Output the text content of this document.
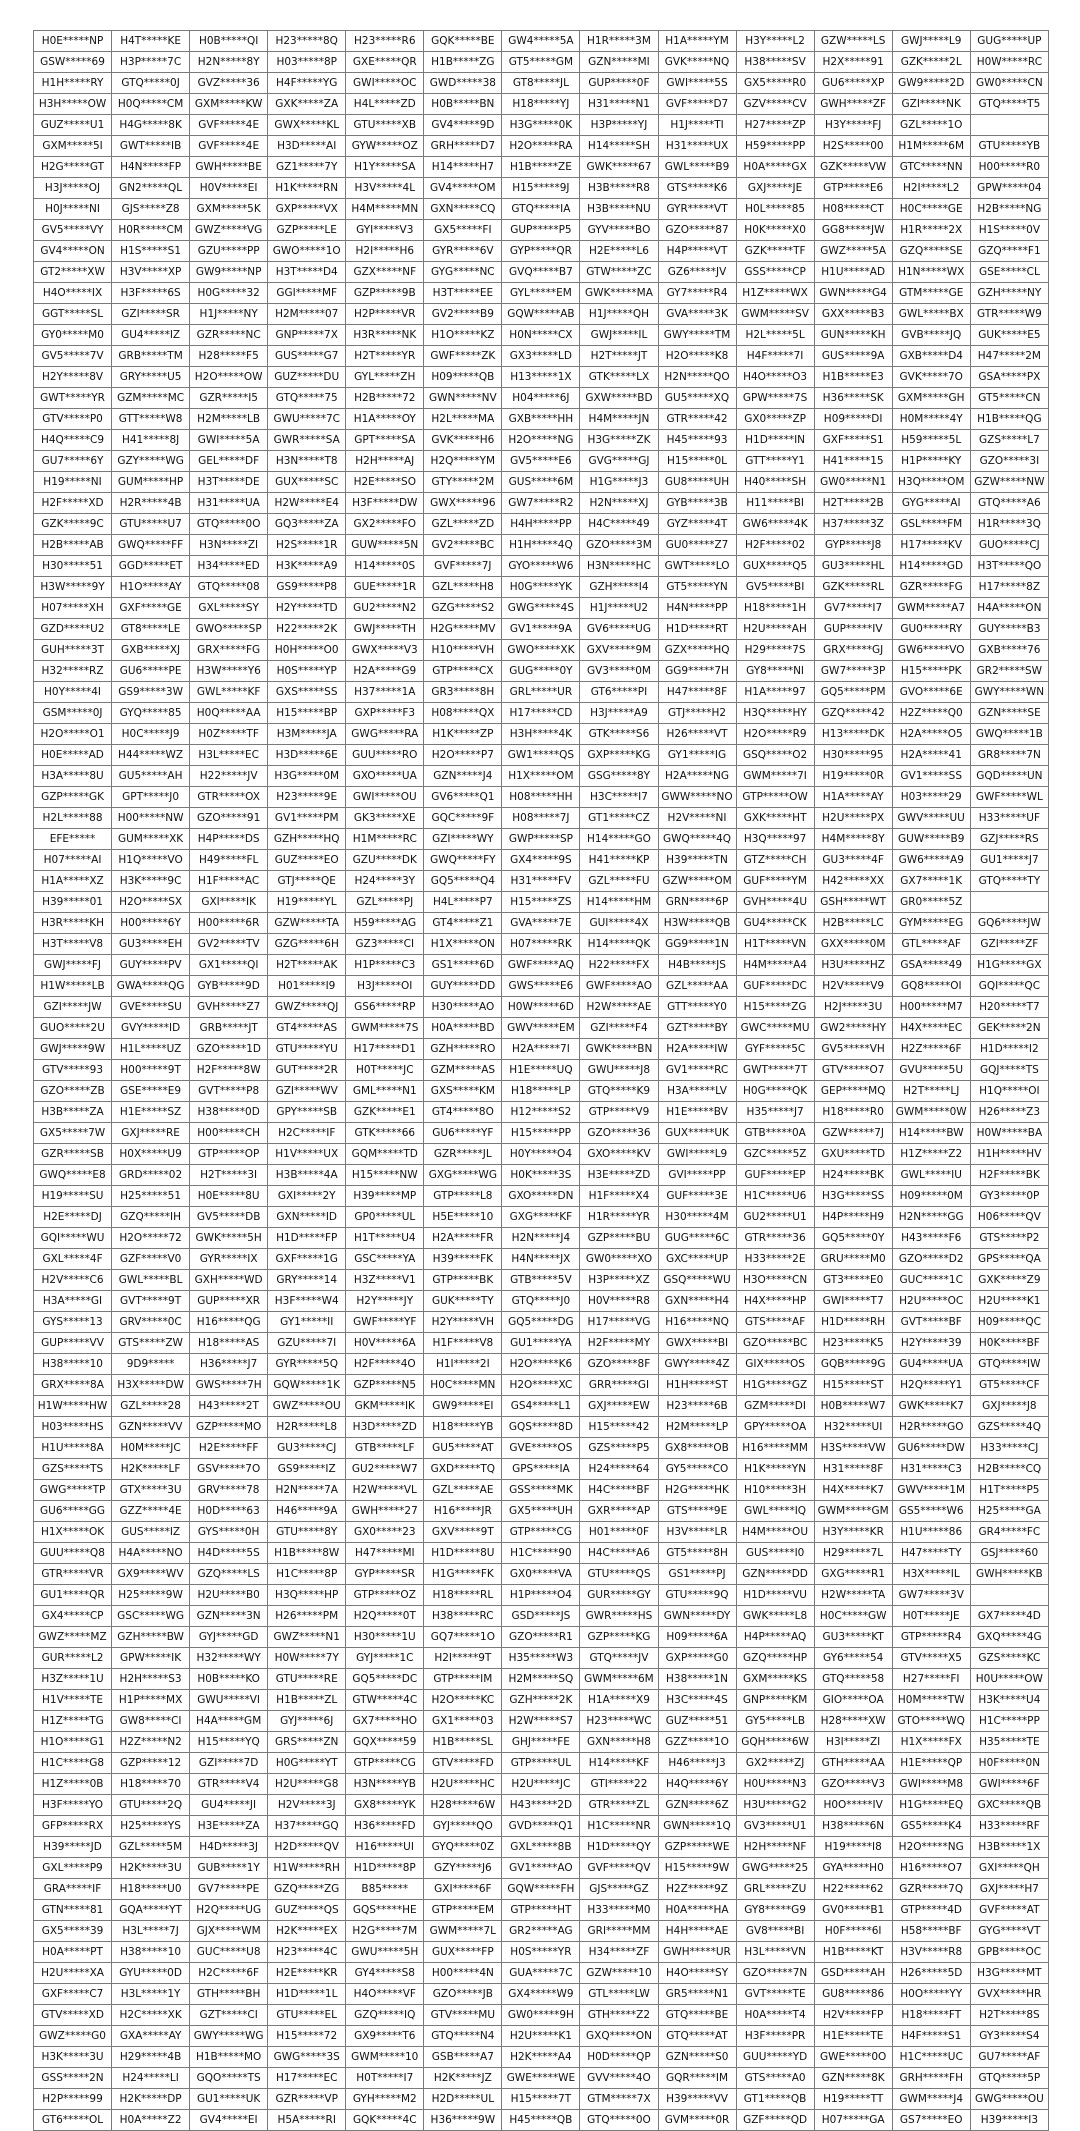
H0E*****NP	H4T*****KE	H0B*****QI	H23*****8Q	H23*****R6	GQK*****BE	GW4*****5A	H1R*****3M	H1A*****YM	H3Y*****L2	GZW*****LS	GWJ*****L9	GUG*****UP
GSW*****69	H3P*****7C	H2N*****8Y	H03*****8P	GXE*****QR	H1B*****ZG	GT5*****GM	GZN*****MI	GVK*****NQ	H38*****SV	H2X*****91	GZK*****2L	H0W*****RC
H1H*****RY	GTQ*****0J	GVZ*****36	H4F*****YG	GWI*****OC	GWD*****38	GT8*****JL	GUP*****0F	GWI*****5S	GX5*****R0	GU6*****XP	GW9*****2D	GW0*****CN
H3H*****OW	H0Q*****CM	GXM*****KW	GXK*****ZA	H4L*****ZD	H0B*****BN	H18*****YJ	H31*****N1	GVF*****D7	GZV*****CV	GWH*****ZF	GZI*****NK	GTQ*****T5
GUZ*****U1	H4G*****8K	GVF*****4E	GWX*****KL	GTU*****XB	GV4*****9D	H3G*****0K	H3P*****YJ	H1J*****TI	H27*****ZP	H3Y*****FJ	GZL*****1O	
GXM*****5I	GWT*****IB	GVF*****4E	H3D*****AI	GYW*****OZ	GRH*****D7	H2O*****RA	H14*****SH	H31*****UX	H59*****PP	H2S*****00	H1M*****6M	GTU*****YB
H2G*****GT	H4N*****FP	GWH*****BE	GZ1*****7Y	H1Y*****SA	H14*****H7	H1B*****ZE	GWK*****67	GWL*****B9	H0A*****GX	GZK*****VW	GTC*****NN	H00*****R0
H3J*****OJ	GN2*****QL	H0V*****EI	H1K*****RN	H3V*****4L	GV4*****OM	H15*****9J	H3B*****R8	GTS*****K6	GXJ*****JE	GTP*****E6	H2I*****L2	GPW*****04
H0J*****NI	GJS*****Z8	GXM*****5K	GXP*****VX	H4M*****MN	GXN*****CQ	GTQ*****IA	H3B*****NU	GYR*****VT	H0L*****85	H08*****CT	H0C*****GE	H2B*****NG
GV5*****VY	H0R*****CM	GWZ*****VG	GZP*****LE	GYI*****V3	GX5*****FI	GUP*****P5	GYV*****BO	GZO*****87	H0K*****X0	GG8*****JW	H1R*****2X	H1S*****0V
GV4*****ON	H1S*****S1	GZU*****PP	GWO*****1O	H2I*****H6	GYR*****6V	GYP*****QR	H2E*****L6	H4P*****VT	GZK*****TF	GWZ*****5A	GZQ*****SE	GZQ*****F1
GT2*****XW	H3V*****XP	GW9*****NP	H3T*****D4	GZX*****NF	GYG*****NC	GVQ*****B7	GTW*****ZC	GZ6*****JV	GSS*****CP	H1U*****AD	H1N*****WX	GSE*****CL
H4O*****IX	H3F*****6S	H0G*****32	GGI*****MF	GZP*****9B	H3T*****EE	GYL*****EM	GWK*****MA	GY7*****R4	H1Z*****WX	GWN*****G4	GTM*****GE	GZH*****NY
GGT*****SL	GZI*****SR	H1J*****NY	H2M*****07	H2P*****VR	GV2*****B9	GQW*****AB	H1J*****QH	GVA*****3K	GWM*****SV	GXX*****B3	GWL*****BX	GTR*****W9
GY0*****M0	GU4*****IZ	GZR*****NC	GNP*****7X	H3R*****NK	H1O*****KZ	H0N*****CX	GWJ*****IL	GWY*****TM	H2L*****5L	GUN*****KH	GVB*****JQ	GUK*****E5
GV5*****7V	GRB*****TM	H28*****F5	GUS*****G7	H2T*****YR	GWF*****ZK	GX3*****LD	H2T*****JT	H2O*****K8	H4F*****7I	GUS*****9A	GXB*****D4	H47*****2M
H2Y*****8V	GRY*****U5	H2O*****OW	GUZ*****DU	GYL*****ZH	H09*****QB	H13*****1X	GTK*****LX	H2N*****QO	H4O*****O3	H1B*****E3	GVK*****7O	GSA*****PX
GWT*****YR	GZM*****MC	GZR*****I5	GTQ*****75	H2B*****72	GWN*****NV	H04*****6J	GXW*****BD	GU5*****XQ	GPW*****7S	H36*****SK	GXM*****GH	GT5*****CN
GTV*****P0	GTT*****W8	H2M*****LB	GWU*****7C	H1A*****OY	H2L*****MA	GXB*****HH	H4M*****JN	GTR*****42	GX0*****ZP	H09*****DI	H0M*****4Y	H1B*****QG
H4Q*****C9	H41*****8J	GWI*****5A	GWR*****SA	GPT*****SA	GVK*****H6	H2O*****NG	H3G*****ZK	H45*****93	H1D*****IN	GXF*****S1	H59*****5L	GZS*****L7
GU7*****6Y	GZY*****WG	GEL*****DF	H3N*****T8	H2H*****AJ	H2Q*****YM	GV5*****E6	GVG*****GJ	H15*****0L	GTT*****Y1	H41*****15	H1P*****KY	GZO*****3I
H19*****NI	GUM*****HP	H3T*****DE	GUX*****SC	H2E*****SO	GTY*****2M	GUS*****6M	H1G*****J3	GU8*****UH	H40*****SH	GW0*****N1	H3Q*****OM	GZW*****NW
H2F*****XD	H2R*****4B	H31*****UA	H2W*****E4	H3F*****DW	GWX*****96	GW7*****R2	H2N*****XJ	GYB*****3B	H11*****BI	H2T*****2B	GYG*****AI	GTQ*****A6
GZK*****9C	GTU*****U7	GTQ*****0O	GQ3*****ZA	GX2*****FO	GZL*****ZD	H4H*****PP	H4C*****49	GYZ*****4T	GW6*****4K	H37*****3Z	GSL*****FM	H1R*****3Q
H2B*****AB	GWQ*****FF	H3N*****ZI	H2S*****1R	GUW*****5N	GV2*****BC	H1H*****4Q	GZO*****3M	GU0*****Z7	H2F*****02	GYP*****J8	H17*****KV	GUO*****CJ
H30*****51	GGD*****ET	H34*****ED	H3K*****A9	H14*****0S	GVF*****7J	GYO*****W6	H3N*****HC	GWT*****LO	GUX*****Q5	GU3*****HL	H14*****GD	H3T*****QO
H3W*****9Y	H1O*****AY	GTQ*****08	GS9*****P8	GUE*****1R	GZL*****H8	H0G*****YK	GZH*****I4	GT5*****YN	GV5*****BI	GZK*****RL	GZR*****FG	H17*****8Z
H07*****XH	GXF*****GE	GXL*****SY	H2Y*****TD	GU2*****N2	GZG*****S2	GWG*****4S	H1J*****U2	H4N*****PP	H18*****1H	GV7*****I7	GWM*****A7	H4A*****ON
GZD*****U2	GT8*****LE	GWO*****SP	H22*****2K	GWJ*****TH	H2G*****MV	GV1*****9A	GV6*****UG	H1D*****RT	H2U*****AH	GUP*****IV	GU0*****RY	GUY*****B3
GUH*****3T	GXB*****XJ	GRX*****FG	H0H*****O0	GWX*****V3	H10*****VH	GWO*****XK	GXV*****9M	GZX*****HQ	H29*****7S	GRX*****GJ	GW6*****VO	GXB*****76
H32*****RZ	GU6*****PE	H3W*****Y6	H0S*****YP	H2A*****G9	GTP*****CX	GUG*****0Y	GV3*****0M	GG9*****7H	GY8*****NI	GW7*****3P	H15*****PK	GR2*****SW
H0Y*****4I	GS9*****3W	GWL*****KF	GXS*****SS	H37*****1A	GR3*****8H	GRL*****UR	GT6*****PI	H47*****8F	H1A*****97	GQ5*****PM	GVO*****6E	GWY*****WN
GSM*****0J	GYQ*****85	H0Q*****AA	H15*****BP	GXP*****F3	H08*****QX	H17*****CD	H3J*****A9	GTJ*****H2	H3Q*****HY	GZQ*****42	H2Z*****Q0	GZN*****SE
H2O*****O1	H0C*****J9	H0Z*****TF	H3M*****JA	GWG*****RA	H1K*****ZP	H3H*****4K	GTK*****S6	H26*****VT	H2O*****R9	H13*****DK	H2A*****O5	GWQ*****1B
H0E*****AD	H44*****WZ	H3L*****EC	H3D*****6E	GUU*****RO	H2O*****P7	GW1*****QS	GXP*****KG	GY1*****IG	GSQ*****O2	H30*****95	H2A*****41	GR8*****7N
H3A*****8U	GU5*****AH	H22*****JV	H3G*****0M	GXO*****UA	GZN*****J4	H1X*****OM	GSG*****8Y	H2A*****NG	GWM*****7I	H19*****0R	GV1*****SS	GQD*****UN
GZP*****GK	GPT*****J0	GTR*****OX	H23*****9E	GWI*****OU	GV6*****Q1	H08*****HH	H3C*****I7	GWW*****NO	GTP*****OW	H1A*****AY	H03*****29	GWF*****WL
H2L*****88	H00*****NW	GZO*****91	GV1*****PM	GK3*****XE	GQC*****9F	H08*****7J	GT1*****CZ	H2V*****NI	GXK*****HT	H2U*****PX	GWV*****UU	H33*****UF
EFE*****	GUM*****XK	H4P*****DS	GZH*****HQ	H1M*****RC	GZI*****WY	GWP*****SP	H14*****GO	GWQ*****4Q	H3Q*****97	H4M*****8Y	GUW*****B9	GZJ*****RS
H07*****AI	H1Q*****VO	H49*****FL	GUZ*****EO	GZU*****DK	GWQ*****FY	GX4*****9S	H41*****KP	H39*****TN	GTZ*****CH	GU3*****4F	GW6*****A9	GU1*****J7
H1A*****XZ	H3K*****9C	H1F*****AC	GTJ*****QE	H24*****3Y	GQ5*****Q4	H31*****FV	GZL*****FU	GZW*****OM	GUF*****YM	H42*****XX	GX7*****1K	GTQ*****TY
H39*****01	H2O*****SX	GXI*****IK	H19*****YL	GZL*****PJ	H4L*****P7	H15*****ZS	H14*****HM	GRN*****6P	GVH*****4U	GSH*****WT	GR0*****5Z	
H3R*****KH	H00*****6Y	H00*****6R	GZW*****TA	H59*****AG	GT4*****Z1	GVA*****7E	GUI*****4X	H3W*****QB	GU4*****CK	H2B*****LC	GYM*****EG	GQ6*****JW
H3T*****V8	GU3*****EH	GV2*****TV	GZG*****6H	GZ3*****CI	H1X*****ON	H07*****RK	H14*****QK	GG9*****1N	H1T*****VN	GXX*****0M	GTL*****AF	GZI*****ZF
GWJ*****FJ	GUY*****PV	GX1*****QI	H2T*****AK	H1P*****C3	GS1*****6D	GWF*****AQ	H22*****FX	H4B*****JS	H4M*****A4	H3U*****HZ	GSA*****49	H1G*****GX
H1W*****LB	GWA*****QG	GYB*****9D	H01*****I9	H3J*****OI	GUY*****DD	GWS*****E6	GWF*****AO	GZL*****AA	GUF*****DC	H2V*****V9	GQ8*****OI	GQI*****QC
GZI*****JW	GVE*****SU	GVH*****Z7	GWZ*****QJ	GS6*****RP	H30*****AO	H0W*****6D	H2W*****AE	GTT*****Y0	H15*****ZG	H2J*****3U	H00*****M7	H20*****T7
GUO*****2U	GVY*****ID	GRB*****JT	GT4*****AS	GWM*****7S	H0A*****BD	GWV*****EM	GZI*****F4	GZT*****BY	GWC*****MU	GW2*****HY	H4X*****EC	GEK*****2N
GWJ*****9W	H1L*****UZ	GZO*****1D	GTU*****YU	H17*****D1	GZH*****RO	H2A*****7I	GWK*****BN	H2A*****IW	GYF*****5C	GV5*****VH	H2Z*****6F	H1D*****I2
GTV*****93	H00*****9T	H2F*****8W	GUT*****2R	H0T*****JC	GZM*****AS	H1E*****UQ	GWU*****J8	GV1*****RC	GWT*****7T	GTV*****O7	GVU*****5U	GQJ*****TS
GZO*****ZB	GSE*****E9	GVT*****P8	GZI*****WV	GML*****N1	GXS*****KM	H18*****LP	GTQ*****K9	H3A*****LV	H0G*****QK	GEP*****MQ	H2T*****LJ	H1Q*****OI
H3B*****ZA	H1E*****SZ	H38*****0D	GPY*****SB	GZK*****E1	GT4*****8O	H12*****S2	GTP*****V9	H1E*****BV	H35*****J7	H18*****R0	GWM*****0W	H26*****Z3
GX5*****7W	GXJ*****RE	H00*****CH	H2C*****IF	GTK*****66	GU6*****YF	H15*****PP	GZO*****36	GUX*****UK	GTB*****0A	GZW*****7J	H14*****BW	H0W*****BA
GZR*****SB	H0X*****U9	GTP*****OP	H1V*****UX	GQM*****TD	GZR*****JL	H0Y*****O4	GXO*****KV	GWI*****L9	GZC*****5Z	GXU*****TD	H1Z*****Z2	H1H*****HV
GWQ*****E8	GRD*****02	H2T*****3I	H3B*****4A	H15*****NW	GXG*****WG	H0K*****3S	H3E*****ZD	GVI*****PP	GUF*****EP	H24*****BK	GWL*****IU	H2F*****BK
H19*****SU	H25*****51	H0E*****8U	GXI*****2Y	H39*****MP	GTP*****L8	GXO*****DN	H1F*****X4	GUF*****3E	H1C*****U6	H3G*****SS	H09*****0M	GY3*****0P
H2E*****DJ	GZQ*****IH	GV5*****DB	GXN*****ID	GP0*****UL	H5E*****10	GXG*****KF	H1R*****YR	H30*****4M	GU2*****U1	H4P*****H9	H2N*****GG	H06*****QV
GQI*****WU	H2O*****72	GWK*****5H	H1D*****FP	H1T*****U4	H2A*****FR	H2N*****J4	GZP*****BU	GUG*****6C	GTR*****36	GQ5*****0Y	H43*****F6	GTS*****P2
GXL*****4F	GZF*****V0	GYR*****IX	GXF*****1G	GSC*****YA	H39*****FK	H4N*****JX	GW0*****XO	GXC*****UP	H33*****2E	GRU*****M0	GZO*****D2	GPS*****QA
H2V*****C6	GWL*****BL	GXH*****WD	GRY*****14	H3Z*****V1	GTP*****BK	GTB*****5V	H3P*****XZ	GSQ*****WU	H3O*****CN	GT3*****E0	GUC*****1C	GXK*****Z9
H3A*****GI	GVT*****9T	GUP*****XR	H3F*****W4	H2Y*****JY	GUK*****TY	GTQ*****J0	H0V*****R8	GXN*****H4	H4X*****HP	GWI*****T7	H2U*****OC	H2U*****K1
GYS*****13	GRV*****0C	H16*****QG	GY1*****II	GWF*****YF	H2Y*****VH	GQ5*****DG	H17*****VG	H16*****NQ	GTS*****AF	H1D*****RH	GVT*****BF	H09*****QC
GUP*****VV	GTS*****ZW	H18*****AS	GZU*****7I	H0V*****6A	H1F*****V8	GU1*****YA	H2F*****MY	GWX*****BI	GZO*****BC	H23*****K5	H2Y*****39	H0K*****BF
H38*****10	9D9*****	H36*****J7	GYR*****5Q	H2F*****4O	H1I*****2I	H2O*****K6	GZO*****8F	GWY*****4Z	GIX*****OS	GQB*****9G	GU4*****UA	GTQ*****IW
GRX*****8A	H3X*****DW	GWS*****7H	GQW*****1K	GZP*****N5	H0C*****MN	H2O*****XC	GRR*****GI	H1H*****ST	H1G*****GZ	H15*****ST	H2Q*****Y1	GT5*****CF
H1W*****HW	GZL*****28	H43*****2T	GWZ*****OU	GKM*****IK	GW9*****EI	GS4*****L1	GXJ*****EW	H23*****6B	GZM*****DI	H0B*****W7	GWK*****K7	GXJ*****J8
H03*****HS	GZN*****VV	GZP*****MO	H2R*****L8	H3D*****ZD	H18*****YB	GQS*****8D	H15*****42	H2M*****LP	GPY*****OA	H32*****UI	H2R*****GO	GZS*****4Q
H1U*****8A	H0M*****JC	H2E*****FF	GU3*****CJ	GTB*****LF	GU5*****AT	GVE*****OS	GZS*****P5	GX8*****OB	H16*****MM	H3S*****VW	GU6*****DW	H33*****CJ
GZS*****TS	H2K*****LF	GSV*****7O	GS9*****IZ	GU2*****W7	GXD*****TQ	GPS*****IA	H24*****64	GY5*****CO	H1K*****YN	H31*****8F	H31*****C3	H2B*****CQ
GWG*****TP	GTX*****3U	GRV*****78	H2N*****7A	H2W*****VL	GZL*****AE	GSS*****MK	H4C*****BF	H2G*****HK	H10*****3H	H4X*****K7	GWV*****1M	H1T*****P5
GU6*****GG	GZZ*****4E	H0D*****63	H46*****9A	GWH*****27	H16*****JR	GX5*****UH	GXR*****AP	GTS*****9E	GWL*****IQ	GWM*****GM	GS5*****W6	H25*****GA
H1X*****OK	GUS*****IZ	GYS*****0H	GTU*****8Y	GX0*****23	GXV*****9T	GTP*****CG	H01*****0F	H3V*****LR	H4M*****OU	H3Y*****KR	H1U*****86	GR4*****FC
GUU*****Q8	H4A*****NO	H4D*****5S	H1B*****8W	H47*****MI	H1D*****8U	H1C*****90	H4C*****A6	GT5*****8H	GUS*****I0	H29*****7L	H47*****TY	GSJ*****60
GTR*****VR	GX9*****WV	GZQ*****LS	H1C*****8P	GYP*****SR	H1G*****FK	GX0*****VA	GTU*****QS	GS1*****PJ	GZN*****DD	GXG*****R1	H3X*****IL	GWH*****KB
GU1*****QR	H25*****9W	H2U*****B0	H3Q*****HP	GTP*****OZ	H18*****RL	H1P*****O4	GUR*****GY	GTU*****9Q	H1D*****VU	H2W*****TA	GW7*****3V	
GX4*****CP	GSC*****WG	GZN*****3N	H26*****PM	H2Q*****0T	H38*****RC	GSD*****JS	GWR*****HS	GWN*****DY	GWK*****L8	H0C*****GW	H0T*****JE	GX7*****4D
GWZ*****MZ	GZH*****BW	GYJ*****GD	GWZ*****N1	H30*****1U	GQ7*****1O	GZO*****R1	GZP*****KG	H09*****6A	H4P*****AQ	GU3*****KT	GTP*****R4	GXQ*****4G
GUR*****L2	GPW*****IK	H32*****WY	H0W*****7Y	GYJ*****1C	H2I*****9T	H35*****W3	GTQ*****JV	GXP*****G0	GZQ*****HP	GY6*****54	GTV*****X5	GZS*****KC
H3Z*****1U	H2H*****S3	H0B*****KO	GTU*****RE	GQ5*****DC	GTP*****IM	H2M*****SQ	GWM*****6M	H38*****1N	GXM*****KS	GTQ*****58	H27*****FI	H0U*****OW
H1V*****TE	H1P*****MX	GWU*****VI	H1B*****ZL	GTW*****4C	H2O*****KC	GZH*****2K	H1A*****X9	H3C*****4S	GNP*****KM	GIO*****OA	H0M*****TW	H3K*****U4
H1Z*****TG	GW8*****CI	H4A*****GM	GYJ*****6J	GX7*****HO	GX1*****03	H2W*****S7	H23*****WC	GUZ*****51	GY5*****LB	H28*****XW	GTO*****WQ	H1C*****PP
H1O*****G1	H2Z*****N2	H15*****YQ	GRS*****ZN	GQX*****59	H1B*****SL	GHJ*****FE	GXN*****H8	GZZ*****1O	GQH*****6W	H3I*****ZI	H1X*****FX	H35*****TE
H1C*****G8	GZP*****12	GZI*****7D	H0G*****YT	GTP*****CG	GTV*****FD	GTP*****UL	H14*****KF	H46*****J3	GX2*****ZJ	GTH*****AA	H1E*****QP	H0F*****0N
H1Z*****0B	H18*****70	GTR*****V4	H2U*****G8	H3N*****YB	H2U*****HC	H2U*****JC	GTI*****22	H4Q*****6Y	H0U*****N3	GZO*****V3	GWI*****M8	GWI*****6F
H3F*****YO	GTU*****2Q	GU4*****JI	H2V*****3J	GX8*****YK	H28*****6W	H43*****2D	GTR*****ZL	GZN*****6Z	H3U*****G2	H0O*****IV	H1G*****EQ	GXC*****QB
GFP*****RX	H25*****YS	H3E*****ZA	H37*****GQ	H36*****FD	GYJ*****QO	GVD*****Q1	H1C*****NR	GWN*****1Q	GV3*****U1	H38*****6N	GS5*****K4	H33*****RF
H39*****JD	GZL*****5M	H4D*****3J	H2D*****QV	H16*****UI	GYQ*****0Z	GXL*****8B	H1D*****QY	GZP*****WE	H2H*****NF	H19*****I8	H2O*****NG	H3B*****1X
GXL*****P9	H2K*****3U	GUB*****1Y	H1W*****RH	H1D*****8P	GZY*****J6	GV1*****AO	GVF*****QV	H15*****9W	GWG*****25	GYA*****H0	H16*****O7	GXI*****QH
GRA*****IF	H18*****U0	GV7*****PE	GZQ*****ZG	B85*****	GXI*****6F	GQW*****FH	GJS*****GZ	H2Z*****9Z	GRL*****ZU	H22*****62	GZR*****7Q	GXJ*****H7
GTN*****81	GQA*****YT	H2Q*****UG	GUZ*****QS	GQS*****HE	GTP*****EM	GTP*****HT	H33*****M0	H0A*****HA	GY8*****G9	GV0*****B1	GTP*****4D	GVF*****AT
GX5*****39	H3L*****7J	GJX*****WM	H2K*****EX	H2G*****7M	GWM*****7L	GR2*****AG	GRI*****MM	H4H*****AE	GV8*****BI	H0F*****6I	H58*****BF	GYG*****VT
H0A*****PT	H38*****10	GUC*****U8	H23*****4C	GWU*****5H	GUX*****FP	H0S*****YR	H34*****ZF	GWH*****UR	H3L*****VN	H1B*****KT	H3V*****R8	GPB*****OC
H2U*****XA	GYU*****0D	H2C*****6F	H2E*****KR	GY4*****S8	H00*****4N	GUA*****7C	GZW*****10	H4O*****SY	GZO*****7N	GSD*****AH	H26*****5D	H3G*****MT
GXF*****C7	H3L*****1Y	GTH*****BH	H1D*****1L	H4O*****VF	GZO*****JB	GX4*****W9	GTL*****LW	GR5*****N1	GVT*****TE	GU8*****86	H0O*****YY	GVX*****HR
GTV*****XD	H2C*****XK	GZT*****CI	GTU*****EL	GZQ*****IQ	GTV*****MU	GW0*****9H	GTH*****Z2	GTQ*****BE	H0A*****T4	H2V*****FP	H18*****FT	H2T*****8S
GWZ*****G0	GXA*****AY	GWY*****WG	H15*****72	GX9*****T6	GTQ*****N4	H2U*****K1	GXQ*****ON	GTQ*****AT	H3F*****PR	H1E*****TE	H4F*****S1	GY3*****S4
H3K*****3U	H29*****4B	H1B*****MO	GWG*****3S	GWM*****10	GSB*****A7	H2K*****A4	H0D*****QP	GZN*****S0	GUU*****YD	GWE*****0O	H1C*****UC	GU7*****AF
GSS*****2N	H24*****LI	GQO*****TS	H17*****EC	H0T*****I7	H2K*****JZ	GWE*****WE	GVV*****4O	GQR*****IM	GTS*****A0	GZN*****8K	GRH*****FH	GTQ*****5P
H2P*****99	H2K*****DP	GU1*****UK	GZR*****VP	GYH*****M2	H2D*****UL	H15*****7T	GTM*****7X	H39*****VV	GT1*****QB	H19*****TT	GWM*****J4	GWG*****OU
GT6*****OL	H0A*****Z2	GV4*****EI	H5A*****RI	GQK*****4C	H36*****9W	H45*****QB	GTQ*****0O	GVM*****0R	GZF*****QD	H07*****GA	GS7*****EO	H39*****I3
